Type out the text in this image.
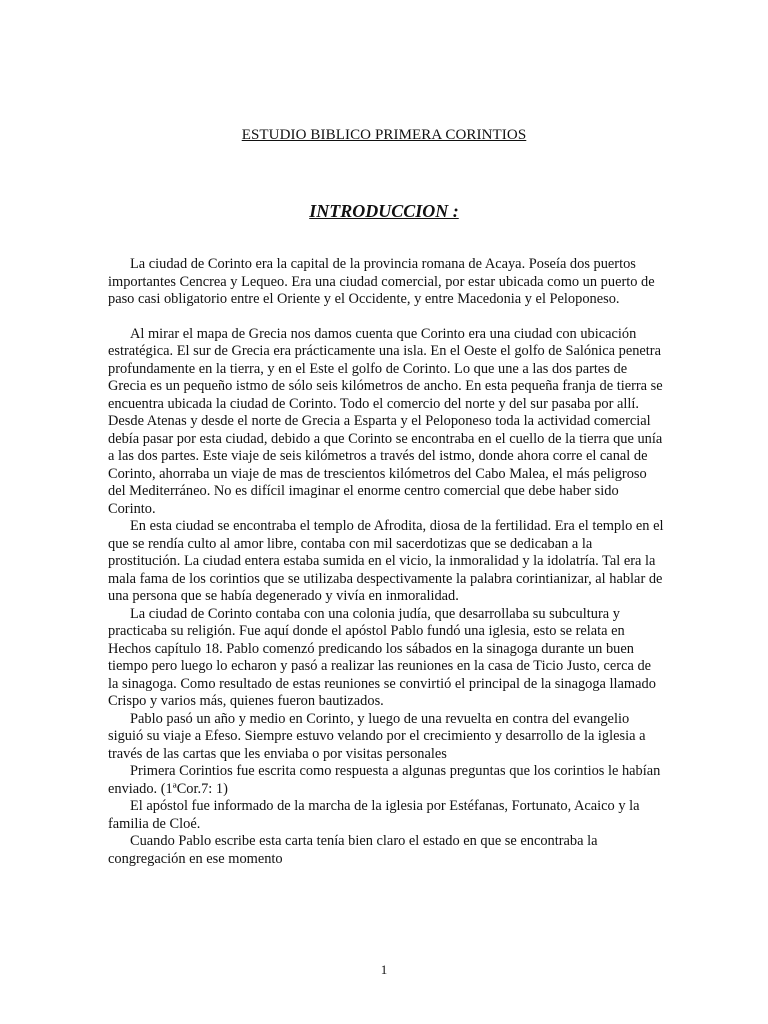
ESTUDIO BIBLICO PRIMERA CORINTIOS
INTRODUCCION :

La ciudad de Corinto era la capital de la provincia romana de Acaya. Poseía dos puertos importantes Cencrea y Lequeo. Era una ciudad comercial, por estar ubicada como un puerto de paso casi obligatorio entre el Oriente y el Occidente, y entre Macedonia y el Peloponeso.

Al mirar el mapa de Grecia nos damos cuenta que Corinto era una ciudad con ubicación estratégica. El sur de Grecia era prácticamente una isla. En el Oeste el golfo de Salónica penetra profundamente en la tierra, y en el Este el golfo de Corinto. Lo que une a las dos partes de Grecia es un pequeño istmo de sólo seis kilómetros de ancho. En esta pequeña franja de tierra se encuentra ubicada la ciudad de Corinto. Todo el comercio del norte y del sur pasaba por allí. Desde Atenas y desde el norte de Grecia a Esparta y el Peloponeso toda la actividad comercial debía pasar por esta ciudad, debido a que Corinto se encontraba en el cuello de la tierra que unía a las dos partes. Este viaje de seis kilómetros a través del istmo, donde ahora corre el canal de Corinto, ahorraba un viaje de mas de trescientos kilómetros del Cabo Malea, el más peligroso del Mediterráneo. No es difícil imaginar el enorme centro comercial que debe haber sido Corinto.

En esta ciudad se encontraba el templo de Afrodita, diosa de la fertilidad. Era el templo en el que se rendía culto al amor libre, contaba con mil sacerdotizas que se dedicaban a la prostitución. La ciudad entera estaba sumida en el vicio, la inmoralidad y la idolatría. Tal era la mala fama de los corintios que se utilizaba despectivamente la palabra corintianizar, al hablar de una persona que se había degenerado y vivía en inmoralidad.

La ciudad de Corinto contaba con una colonia judía, que desarrollaba su subcultura y practicaba su religión. Fue aquí donde el apóstol Pablo fundó una iglesia, esto se relata en Hechos capítulo 18. Pablo comenzó predicando los sábados en la sinagoga durante un buen tiempo pero luego lo echaron y pasó a realizar las reuniones en la casa de Ticio Justo, cerca de la sinagoga. Como resultado de estas reuniones se convirtió el principal de la sinagoga llamado Crispo y varios más, quienes fueron bautizados.

Pablo pasó un año y medio en Corinto, y luego de una revuelta en contra del evangelio siguió su viaje a Efeso. Siempre estuvo velando por el crecimiento y desarrollo de la iglesia a través de las cartas que les enviaba o por visitas personales

Primera Corintios fue escrita como respuesta a algunas preguntas que los corintios le habían enviado. (1ªCor.7: 1)

El apóstol fue informado de la marcha de la iglesia por Estéfanas, Fortunato, Acaico y la familia de Cloé.

Cuando Pablo escribe esta carta tenía bien claro el estado en que se encontraba la congregación en ese momento

1
